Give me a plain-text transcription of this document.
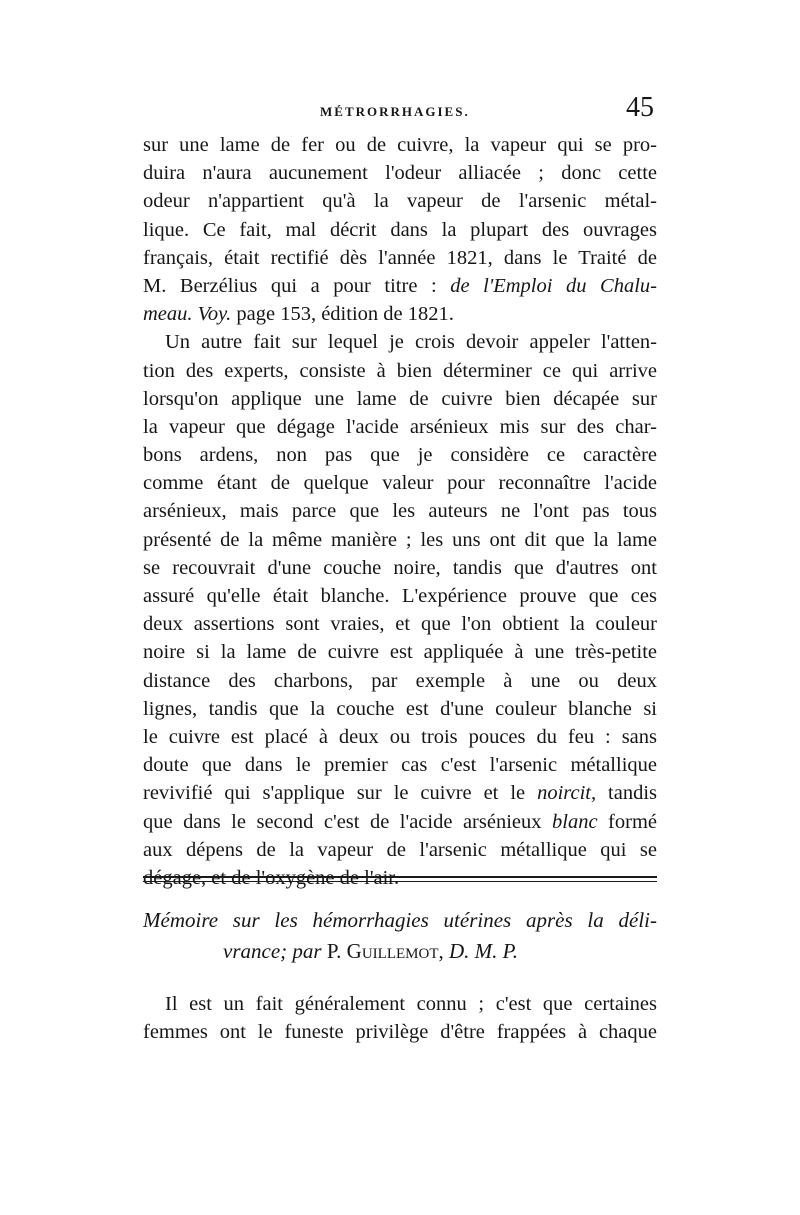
MÉTRORRHAGIES.	45
sur une lame de fer ou de cuivre, la vapeur qui se pro-
duira n'aura aucunement l'odeur alliacée ; donc cette
odeur n'appartient qu'à la vapeur de l'arsenic métal-
lique. Ce fait, mal décrit dans la plupart des ouvrages
français, était rectifié dès l'année 1821, dans le Traité de
M. Berzélius qui a pour titre : de l'Emploi du Chalu-
meau. Voy. page 153, édition de 1821.
Un autre fait sur lequel je crois devoir appeler l'atten-
tion des experts, consiste à bien déterminer ce qui arrive
lorsqu'on applique une lame de cuivre bien décapée sur
la vapeur que dégage l'acide arsénieux mis sur des char-
bons ardens, non pas que je considère ce caractère
comme étant de quelque valeur pour reconnaître l'acide
arsénieux, mais parce que les auteurs ne l'ont pas tous
présenté de la même manière ; les uns ont dit que la lame
se recouvrait d'une couche noire, tandis que d'autres ont
assuré qu'elle était blanche. L'expérience prouve que ces
deux assertions sont vraies, et que l'on obtient la couleur
noire si la lame de cuivre est appliquée à une très-petite
distance des charbons, par exemple à une ou deux
lignes, tandis que la couche est d'une couleur blanche si
le cuivre est placé à deux ou trois pouces du feu : sans
doute que dans le premier cas c'est l'arsenic métallique
revivifié qui s'applique sur le cuivre et le noircit, tandis
que dans le second c'est de l'acide arsénieux blanc formé
aux dépens de la vapeur de l'arsenic métallique qui se
Mémoire sur les hémorrhagies utérines après la déli-
vrance; par P. Guillemot, D. M. P.
Il est un fait généralement connu ; c'est que certaines
femmes ont le funeste privilège d'être frappées à chaque
